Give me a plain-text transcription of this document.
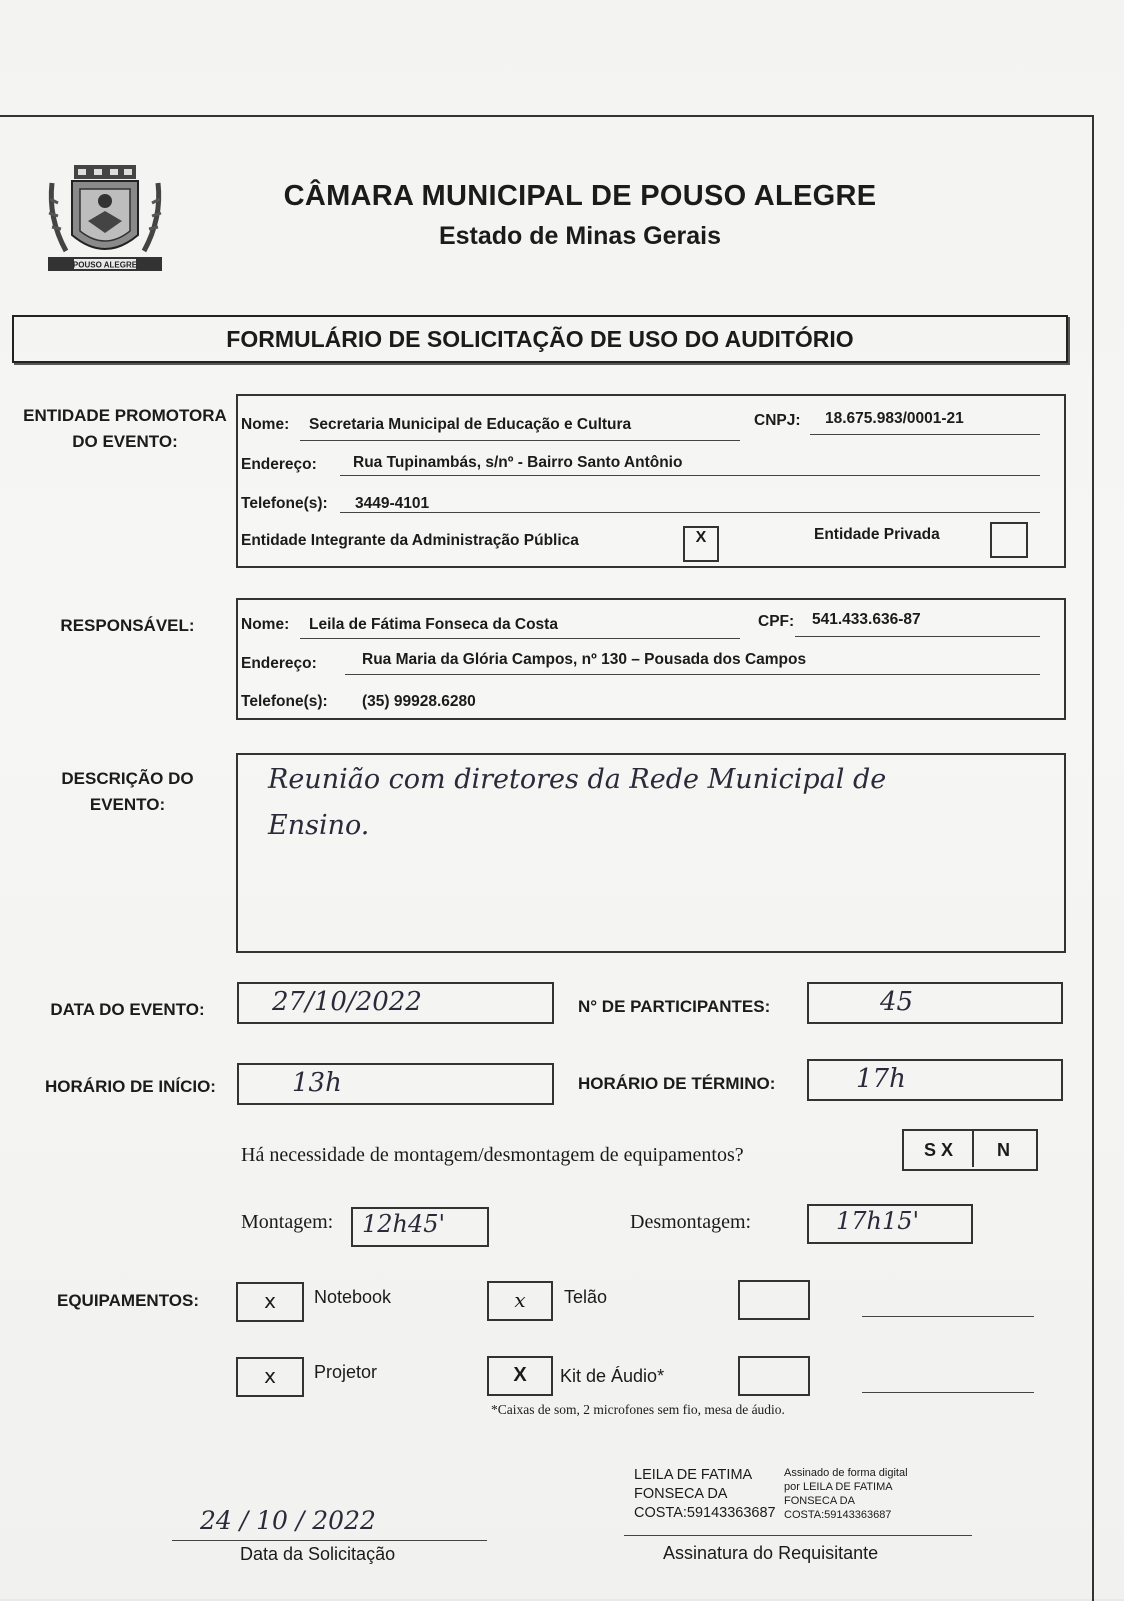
POUSO ALEGRE
CÂMARA MUNICIPAL DE POUSO ALEGRE
Estado de Minas Gerais
FORMULÁRIO DE SOLICITAÇÃO DE USO DO AUDITÓRIO
ENTIDADE PROMOTORA
DO EVENTO:
Nome: Secretaria Municipal de Educação e Cultura	CNPJ: 18.675.983/0001-21
Endereço: Rua Tupinambás, s/nº - Bairro Santo Antônio
Telefone(s): 3449-4101
Entidade Integrante da Administração Pública	X	Entidade Privada
RESPONSÁVEL:	Nome: Leila de Fátima Fonseca da Costa	CPF: 541.433.636-87
Endereço:	Rua Maria da Glória Campos, nº 130 – Pousada dos Campos
Telefone(s): (35) 99928.6280
DESCRIÇÃO DO
EVENTO:
Reunião com diretores da Rede Municipal de
Ensino.
DATA DO EVENTO:	27/10/2022	N° DE PARTICIPANTES:	45
HORÁRIO DE INÍCIO:	13h	HORÁRIO DE TÉRMINO:	17h
Há necessidade de montagem/desmontagem de equipamentos?	S X N
Montagem: 12h45'	Desmontagem:	17h15'
EQUIPAMENTOS:	x	Notebook	x	Telão
x	Projetor	X	Kit de Áudio*
*Caixas de som, 2 microfones sem fio, mesa de áudio.
24 / 10 / 2022
Data da Solicitação
LEILA DE FATIMA
FONSECA DA
COSTA:59143363687
Assinado de forma digital
por LEILA DE FATIMA
FONSECA DA
COSTA:59143363687
Assinatura do Requisitante
